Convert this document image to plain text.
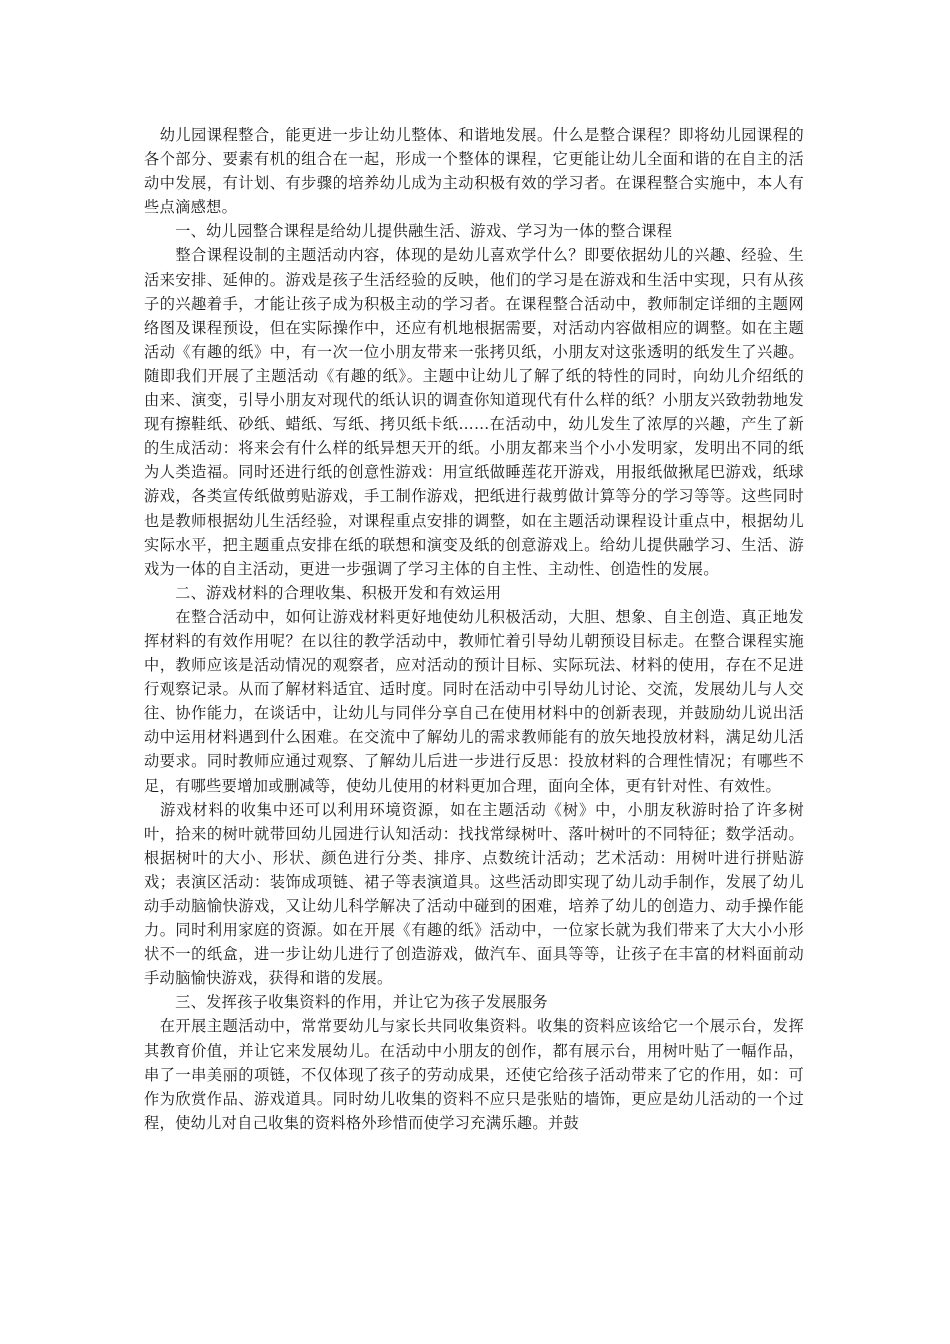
　幼儿园课程整合，能更进一步让幼儿整体、和谐地发展。什么是整合课程？即将幼儿园课程的各个部分、要素有机的组合在一起，形成一个整体的课程，它更能让幼儿全面和谐的在自主的活动中发展，有计划、有步骤的培养幼儿成为主动积极有效的学习者。在课程整合实施中，本人有些点滴感想。

　　一、幼儿园整合课程是给幼儿提供融生活、游戏、学习为一体的整合课程

　　整合课程设制的主题活动内容，体现的是幼儿喜欢学什么？即要依据幼儿的兴趣、经验、生活来安排、延伸的。游戏是孩子生活经验的反映，他们的学习是在游戏和生活中实现，只有从孩子的兴趣着手，才能让孩子成为积极主动的学习者。在课程整合活动中，教师制定详细的主题网络图及课程预设，但在实际操作中，还应有机地根据需要，对活动内容做相应的调整。如在主题活动《有趣的纸》中，有一次一位小朋友带来一张拷贝纸，小朋友对这张透明的纸发生了兴趣。随即我们开展了主题活动《有趣的纸》。主题中让幼儿了解了纸的特性的同时，向幼儿介绍纸的由来、演变，引导小朋友对现代的纸认识的调查你知道现代有什么样的纸？小朋友兴致勃勃地发现有擦鞋纸、砂纸、蜡纸、写纸、拷贝纸卡纸……在活动中，幼儿发生了浓厚的兴趣，产生了新的生成活动：将来会有什么样的纸异想天开的纸。小朋友都来当个小小发明家，发明出不同的纸为人类造福。同时还进行纸的创意性游戏：用宣纸做睡莲花开游戏，用报纸做揪尾巴游戏，纸球游戏，各类宣传纸做剪贴游戏，手工制作游戏，把纸进行裁剪做计算等分的学习等等。这些同时也是教师根据幼儿生活经验，对课程重点安排的调整，如在主题活动课程设计重点中，根据幼儿实际水平，把主题重点安排在纸的联想和演变及纸的创意游戏上。给幼儿提供融学习、生活、游戏为一体的自主活动，更进一步强调了学习主体的自主性、主动性、创造性的发展。

　　二、游戏材料的合理收集、积极开发和有效运用

　　在整合活动中，如何让游戏材料更好地使幼儿积极活动，大胆、想象、自主创造、真正地发挥材料的有效作用呢？在以往的教学活动中，教师忙着引导幼儿朝预设目标走。在整合课程实施中，教师应该是活动情况的观察者，应对活动的预计目标、实际玩法、材料的使用，存在不足进行观察记录。从而了解材料适宜、适时度。同时在活动中引导幼儿讨论、交流，发展幼儿与人交往、协作能力，在谈话中，让幼儿与同伴分享自己在使用材料中的创新表现，并鼓励幼儿说出活动中运用材料遇到什么困难。在交流中了解幼儿的需求教师能有的放矢地投放材料，满足幼儿活动要求。同时教师应通过观察、了解幼儿后进一步进行反思：投放材料的合理性情况；有哪些不足，有哪些要增加或删减等，使幼儿使用的材料更加合理，面向全体，更有针对性、有效性。

　游戏材料的收集中还可以利用环境资源，如在主题活动《树》中，小朋友秋游时拾了许多树叶，拾来的树叶就带回幼儿园进行认知活动：找找常绿树叶、落叶树叶的不同特征；数学活动。根据树叶的大小、形状、颜色进行分类、排序、点数统计活动；艺术活动：用树叶进行拼贴游戏；表演区活动：装饰成项链、裙子等表演道具。这些活动即实现了幼儿动手制作，发展了幼儿动手动脑愉快游戏，又让幼儿科学解决了活动中碰到的困难，培养了幼儿的创造力、动手操作能力。同时利用家庭的资源。如在开展《有趣的纸》活动中，一位家长就为我们带来了大大小小形状不一的纸盒，进一步让幼儿进行了创造游戏，做汽车、面具等等，让孩子在丰富的材料面前动手动脑愉快游戏，获得和谐的发展。

　　三、发挥孩子收集资料的作用，并让它为孩子发展服务

　在开展主题活动中，常常要幼儿与家长共同收集资料。收集的资料应该给它一个展示台，发挥其教育价值，并让它来发展幼儿。在活动中小朋友的创作，都有展示台，用树叶贴了一幅作品，串了一串美丽的项链，不仅体现了孩子的劳动成果，还使它给孩子活动带来了它的作用，如：可作为欣赏作品、游戏道具。同时幼儿收集的资料不应只是张贴的墙饰，更应是幼儿活动的一个过程，使幼儿对自己收集的资料格外珍惜而使学习充满乐趣。并鼓
